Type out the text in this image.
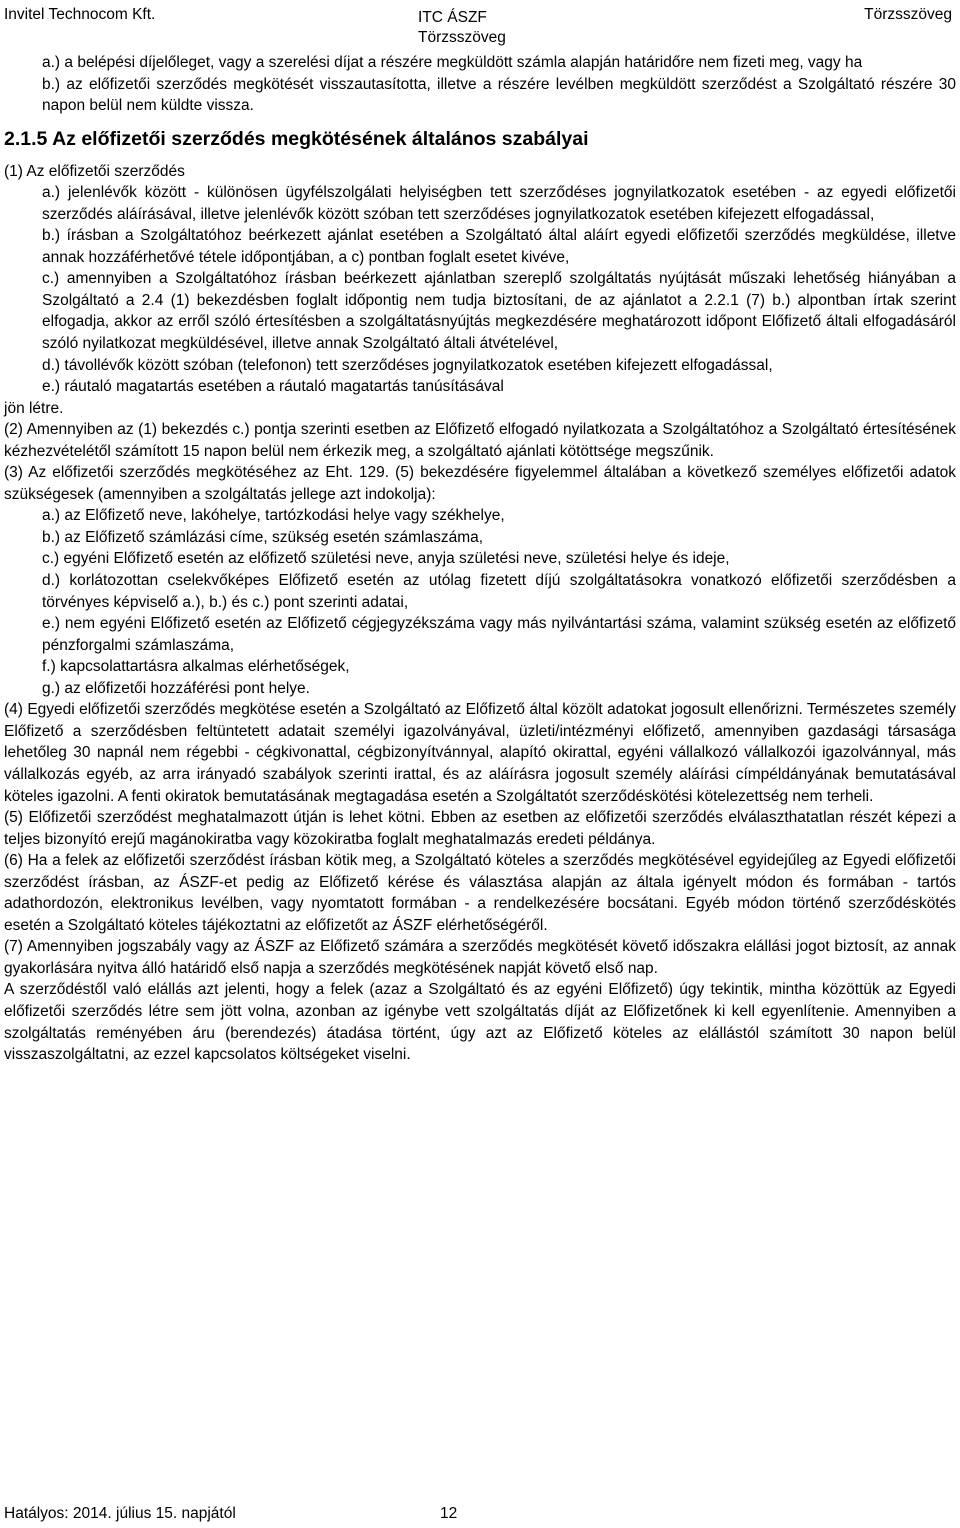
Invitel Technocom Kft.	ITC ÁSZF
Törzsszöveg
Törzsszöveg

a.) a belépési díjelőleget, vagy a szerelési díjat a részére megküldött számla alapján határidőre nem fizeti meg, vagy ha

b.) az előfizetői szerződés megkötését visszautasította, illetve a részére levélben megküldött szerződést a Szolgáltató részére 30 napon belül nem küldte vissza.

2.1.5 Az előfizetői szerződés megkötésének általános szabályai

(1) Az előfizetői szerződés

a.) jelenlévők között - különösen ügyfélszolgálati helyiségben tett szerződéses jognyilatkozatok esetében - az egyedi előfizetői szerződés aláírásával, illetve jelenlévők között szóban tett szerződéses jognyilatkozatok esetében kifejezett elfogadással,

b.) írásban a Szolgáltatóhoz beérkezett ajánlat esetében a Szolgáltató által aláírt egyedi előfizetői szerződés megküldése, illetve annak hozzáférhetővé tétele időpontjában, a c) pontban foglalt esetet kivéve,

c.) amennyiben a Szolgáltatóhoz írásban beérkezett ajánlatban szereplő szolgáltatás nyújtását műszaki lehetőség hiányában a Szolgáltató a 2.4 (1) bekezdésben foglalt időpontig nem tudja biztosítani, de az ajánlatot a 2.2.1 (7) b.) alpontban írtak szerint elfogadja, akkor az erről szóló értesítésben a szolgáltatásnyújtás megkezdésére meghatározott időpont Előfizető általi elfogadásáról szóló nyilatkozat megküldésével, illetve annak Szolgáltató általi átvételével,

d.) távollévők között szóban (telefonon) tett szerződéses jognyilatkozatok esetében kifejezett elfogadással,

e.) ráutaló magatartás esetében a ráutaló magatartás tanúsításával

jön létre.

(2) Amennyiben az (1) bekezdés c.) pontja szerinti esetben az Előfizető elfogadó nyilatkozata a Szolgáltatóhoz a Szolgáltató értesítésének kézhezvételétől számított 15 napon belül nem érkezik meg, a szolgáltató ajánlati kötöttsége megszűnik.

(3) Az előfizetői szerződés megkötéséhez az Eht. 129. (5) bekezdésére figyelemmel általában a következő személyes előfizetői adatok szükségesek (amennyiben a szolgáltatás jellege azt indokolja):

a.) az Előfizető neve, lakóhelye, tartózkodási helye vagy székhelye,

b.) az Előfizető számlázási címe, szükség esetén számlaszáma,

c.) egyéni Előfizető esetén az előfizető születési neve, anyja születési neve, születési helye és ideje,

d.) korlátozottan cselekvőképes Előfizető esetén az utólag fizetett díjú szolgáltatásokra vonatkozó előfizetői szerződésben a törvényes képviselő a.), b.) és c.) pont szerinti adatai,

e.) nem egyéni Előfizető esetén az Előfizető cégjegyzékszáma vagy más nyilvántartási száma, valamint szükség esetén az előfizető pénzforgalmi számlaszáma,

f.) kapcsolattartásra alkalmas elérhetőségek,

g.) az előfizetői hozzáférési pont helye.

(4) Egyedi előfizetői szerződés megkötése esetén a Szolgáltató az Előfizető által közölt adatokat jogosult ellenőrizni. Természetes személy Előfizető a szerződésben feltüntetett adatait személyi igazolványával, üzleti/intézményi előfizető, amennyiben gazdasági társasága lehetőleg 30 napnál nem régebbi - cégkivonattal, cégbizonyítvánnyal, alapító okirattal, egyéni vállalkozó vállalkozói igazolvánnyal, más vállalkozás egyéb, az arra irányadó szabályok szerinti irattal, és az aláírásra jogosult személy aláírási címpéldányának bemutatásával köteles igazolni. A fenti okiratok bemutatásának megtagadása esetén a Szolgáltatót szerződéskötési kötelezettség nem terheli.

(5) Előfizetői szerződést meghatalmazott útján is lehet kötni. Ebben az esetben az előfizetői szerződés elválaszthatatlan részét képezi a teljes bizonyító erejű magánokiratba vagy közokiratba foglalt meghatalmazás eredeti példánya.

(6) Ha a felek az előfizetői szerződést írásban kötik meg, a Szolgáltató köteles a szerződés megkötésével egyidejűleg az Egyedi előfizetői szerződést írásban, az ÁSZF-et pedig az Előfizető kérése és választása alapján az általa igényelt módon és formában - tartós adathordozón, elektronikus levélben, vagy nyomtatott formában - a rendelkezésére bocsátani. Egyéb módon történő szerződéskötés esetén a Szolgáltató köteles tájékoztatni az előfizetőt az ÁSZF elérhetőségéről.

(7) Amennyiben jogszabály vagy az ÁSZF az Előfizető számára a szerződés megkötését követő időszakra elállási jogot biztosít, az annak gyakorlására nyitva álló határidő első napja a szerződés megkötésének napját követő első nap.

A szerződéstől való elállás azt jelenti, hogy a felek (azaz a Szolgáltató és az egyéni Előfizető) úgy tekintik, mintha közöttük az Egyedi előfizetői szerződés létre sem jött volna, azonban az igénybe vett szolgáltatás díját az Előfizetőnek ki kell egyenlítenie. Amennyiben a szolgáltatás reményében áru (berendezés) átadása történt, úgy azt az Előfizető köteles az elállástól számított 30 napon belül visszaszolgáltatni, az ezzel kapcsolatos költségeket viselni.

Hatályos: 2014. július 15. napjától	12
